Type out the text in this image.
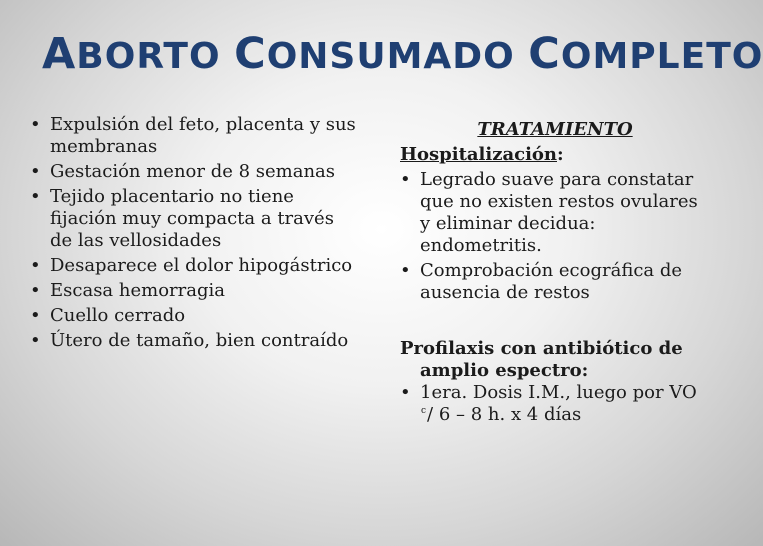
ABORTO CONSUMADO COMPLETO
• Expulsión del feto, placenta y sus membranas
• Gestación menor de 8 semanas
• Tejido placentario no tiene fijación muy compacta a través de las vellosidades
• Desaparece el dolor hipogástrico
• Escasa hemorragia
• Cuello cerrado
• Útero de tamaño, bien contraído
TRATAMIENTO
Hospitalización:
• Legrado suave para constatar que no existen restos ovulares y eliminar decidua: endometritis.
• Comprobación ecográfica de ausencia de restos
Profilaxis con antibiótico de amplio espectro:
• 1era. Dosis I.M., luego por VO $^c$/ 6 – 8 h. x 4 días
